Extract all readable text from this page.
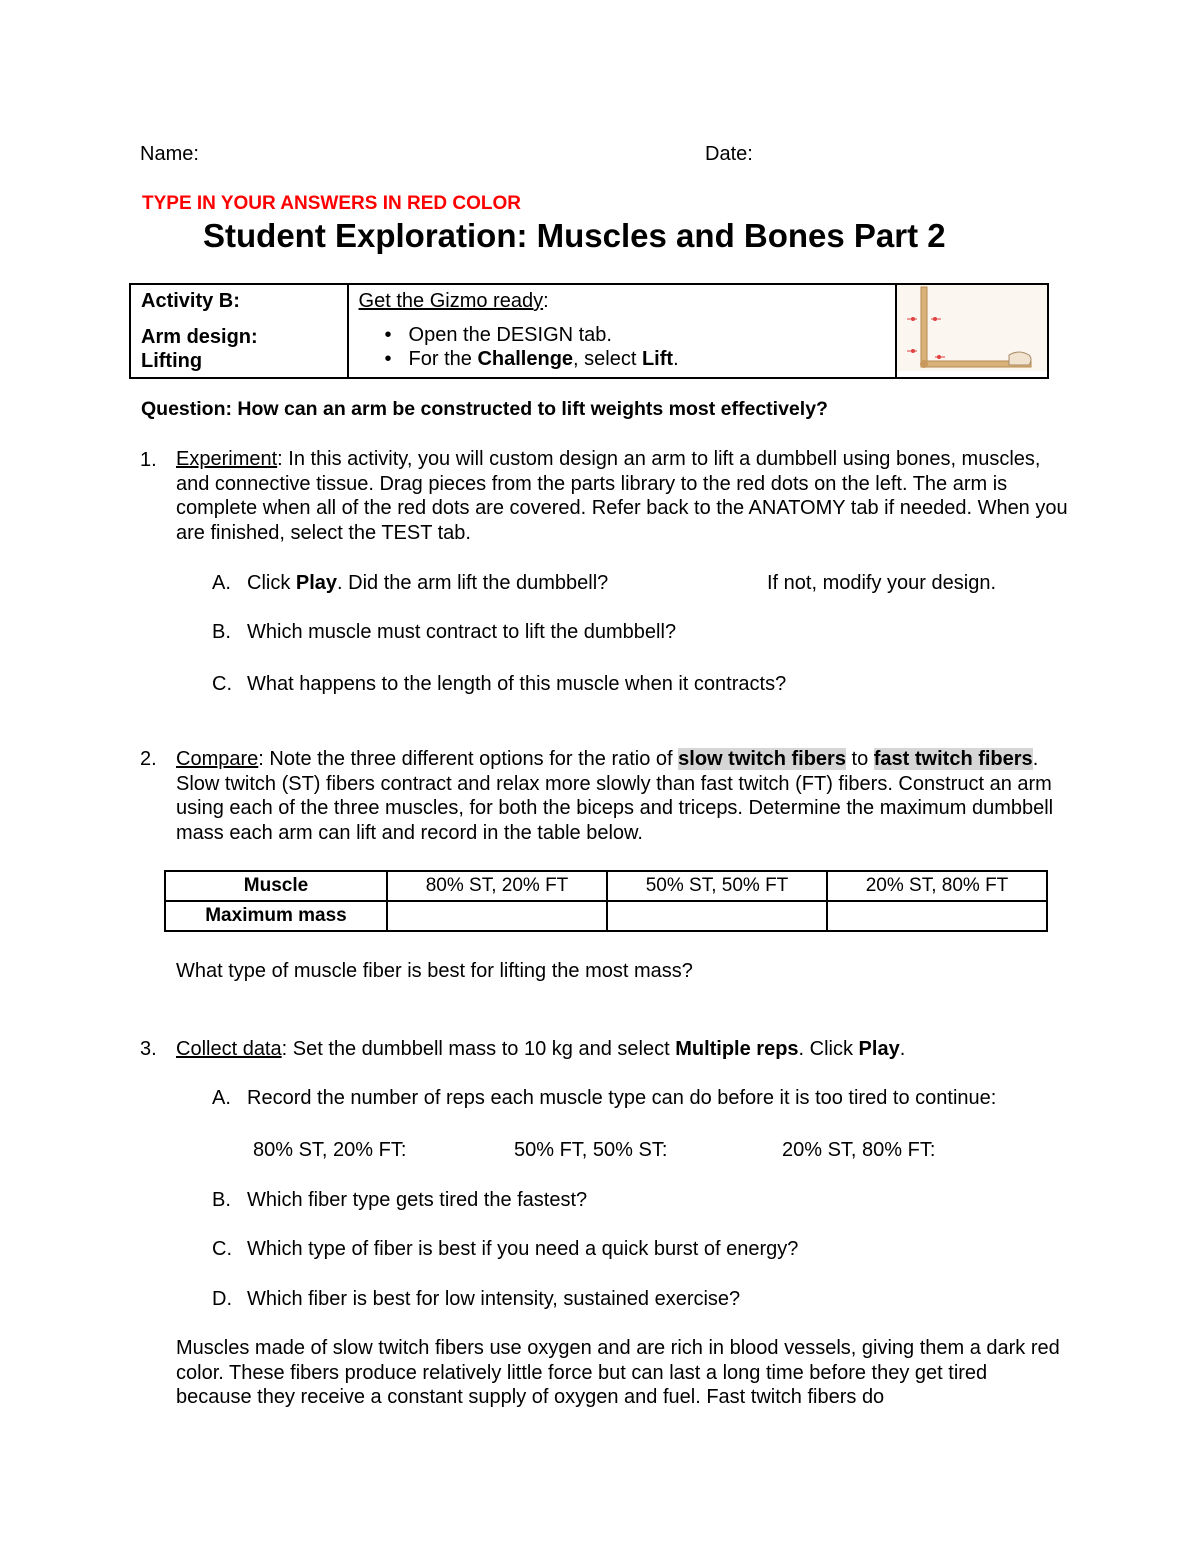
Name:	Date:
TYPE IN YOUR ANSWERS IN RED COLOR
Student Exploration: Muscles and Bones Part 2
Activity B:
Arm design:
Lifting

Get the Gizmo ready:
• Open the DESIGN tab.
• For the Challenge, select Lift.

Question: How can an arm be constructed to lift weights most effectively?
1. Experiment: In this activity, you will custom design an arm to lift a dumbbell using bones, muscles, and connective tissue. Drag pieces from the parts library to the red dots on the left. The arm is complete when all of the red dots are covered. Refer back to the ANATOMY tab if needed. When you are finished, select the TEST tab.
A. Click Play. Did the arm lift the dumbbell?	If not, modify your design.
B. Which muscle must contract to lift the dumbbell?
C. What happens to the length of this muscle when it contracts?
2. Compare: Note the three different options for the ratio of slow twitch fibers to fast twitch fibers. Slow twitch (ST) fibers contract and relax more slowly than fast twitch (FT) fibers. Construct an arm using each of the three muscles, for both the biceps and triceps. Determine the maximum dumbbell mass each arm can lift and record in the table below.
Muscle	80% ST, 20% FT	50% ST, 50% FT	20% ST, 80% FT
Maximum mass			
What type of muscle fiber is best for lifting the most mass?
3. Collect data: Set the dumbbell mass to 10 kg and select Multiple reps. Click Play.
A. Record the number of reps each muscle type can do before it is too tired to continue:
80% ST, 20% FT:	50% FT, 50% ST:	20% ST, 80% FT:
B. Which fiber type gets tired the fastest?
C. Which type of fiber is best if you need a quick burst of energy?
D. Which fiber is best for low intensity, sustained exercise?
Muscles made of slow twitch fibers use oxygen and are rich in blood vessels, giving them a dark red color. These fibers produce relatively little force but can last a long time before they get tired because they receive a constant supply of oxygen and fuel. Fast twitch fibers do
